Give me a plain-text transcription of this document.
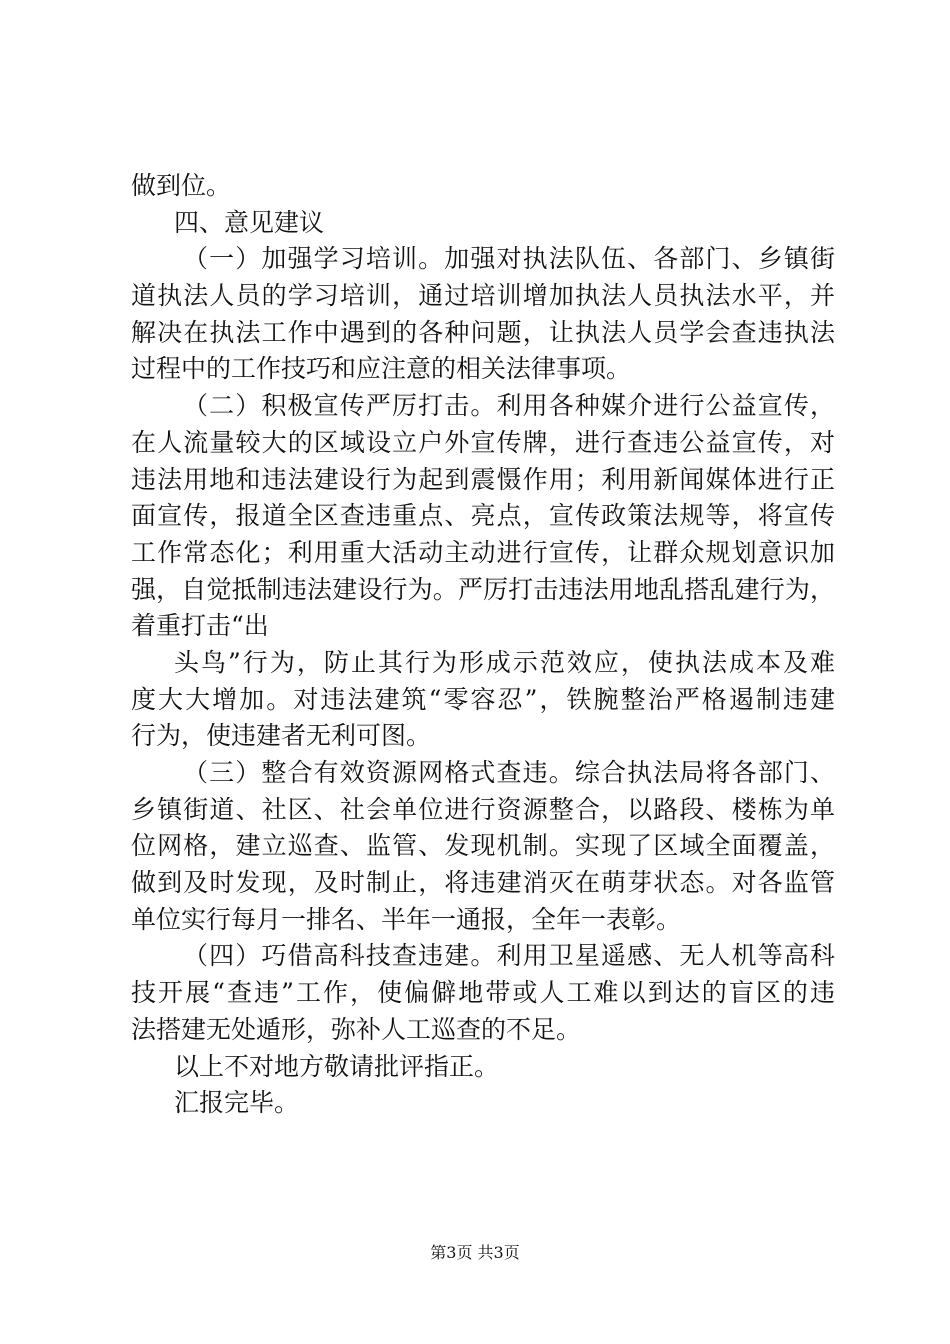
做到位。
四、意见建议
（一）加强学习培训。加强对执法队伍、各部门、乡镇街
道执法人员的学习培训，通过培训增加执法人员执法水平，并
解决在执法工作中遇到的各种问题，让执法人员学会查违执法
过程中的工作技巧和应注意的相关法律事项。
（二）积极宣传严厉打击。利用各种媒介进行公益宣传，
在人流量较大的区域设立户外宣传牌，进行查违公益宣传，对
违法用地和违法建设行为起到震慑作用；利用新闻媒体进行正
面宣传，报道全区查违重点、亮点，宣传政策法规等，将宣传
工作常态化；利用重大活动主动进行宣传，让群众规划意识加
强，自觉抵制违法建设行为。严厉打击违法用地乱搭乱建行为，
着重打击“出
头鸟”行为，防止其行为形成示范效应，使执法成本及难
度大大增加。对违法建筑“零容忍”，铁腕整治严格遏制违建
行为，使违建者无利可图。
（三）整合有效资源网格式查违。综合执法局将各部门、
乡镇街道、社区、社会单位进行资源整合，以路段、楼栋为单
位网格，建立巡查、监管、发现机制。实现了区域全面覆盖，
做到及时发现，及时制止，将违建消灭在萌芽状态。对各监管
单位实行每月一排名、半年一通报，全年一表彰。
（四）巧借高科技查违建。利用卫星遥感、无人机等高科
技开展“查违”工作，使偏僻地带或人工难以到达的盲区的违
法搭建无处遁形，弥补人工巡查的不足。
以上不对地方敬请批评指正。
汇报完毕。
第3页 共3页
